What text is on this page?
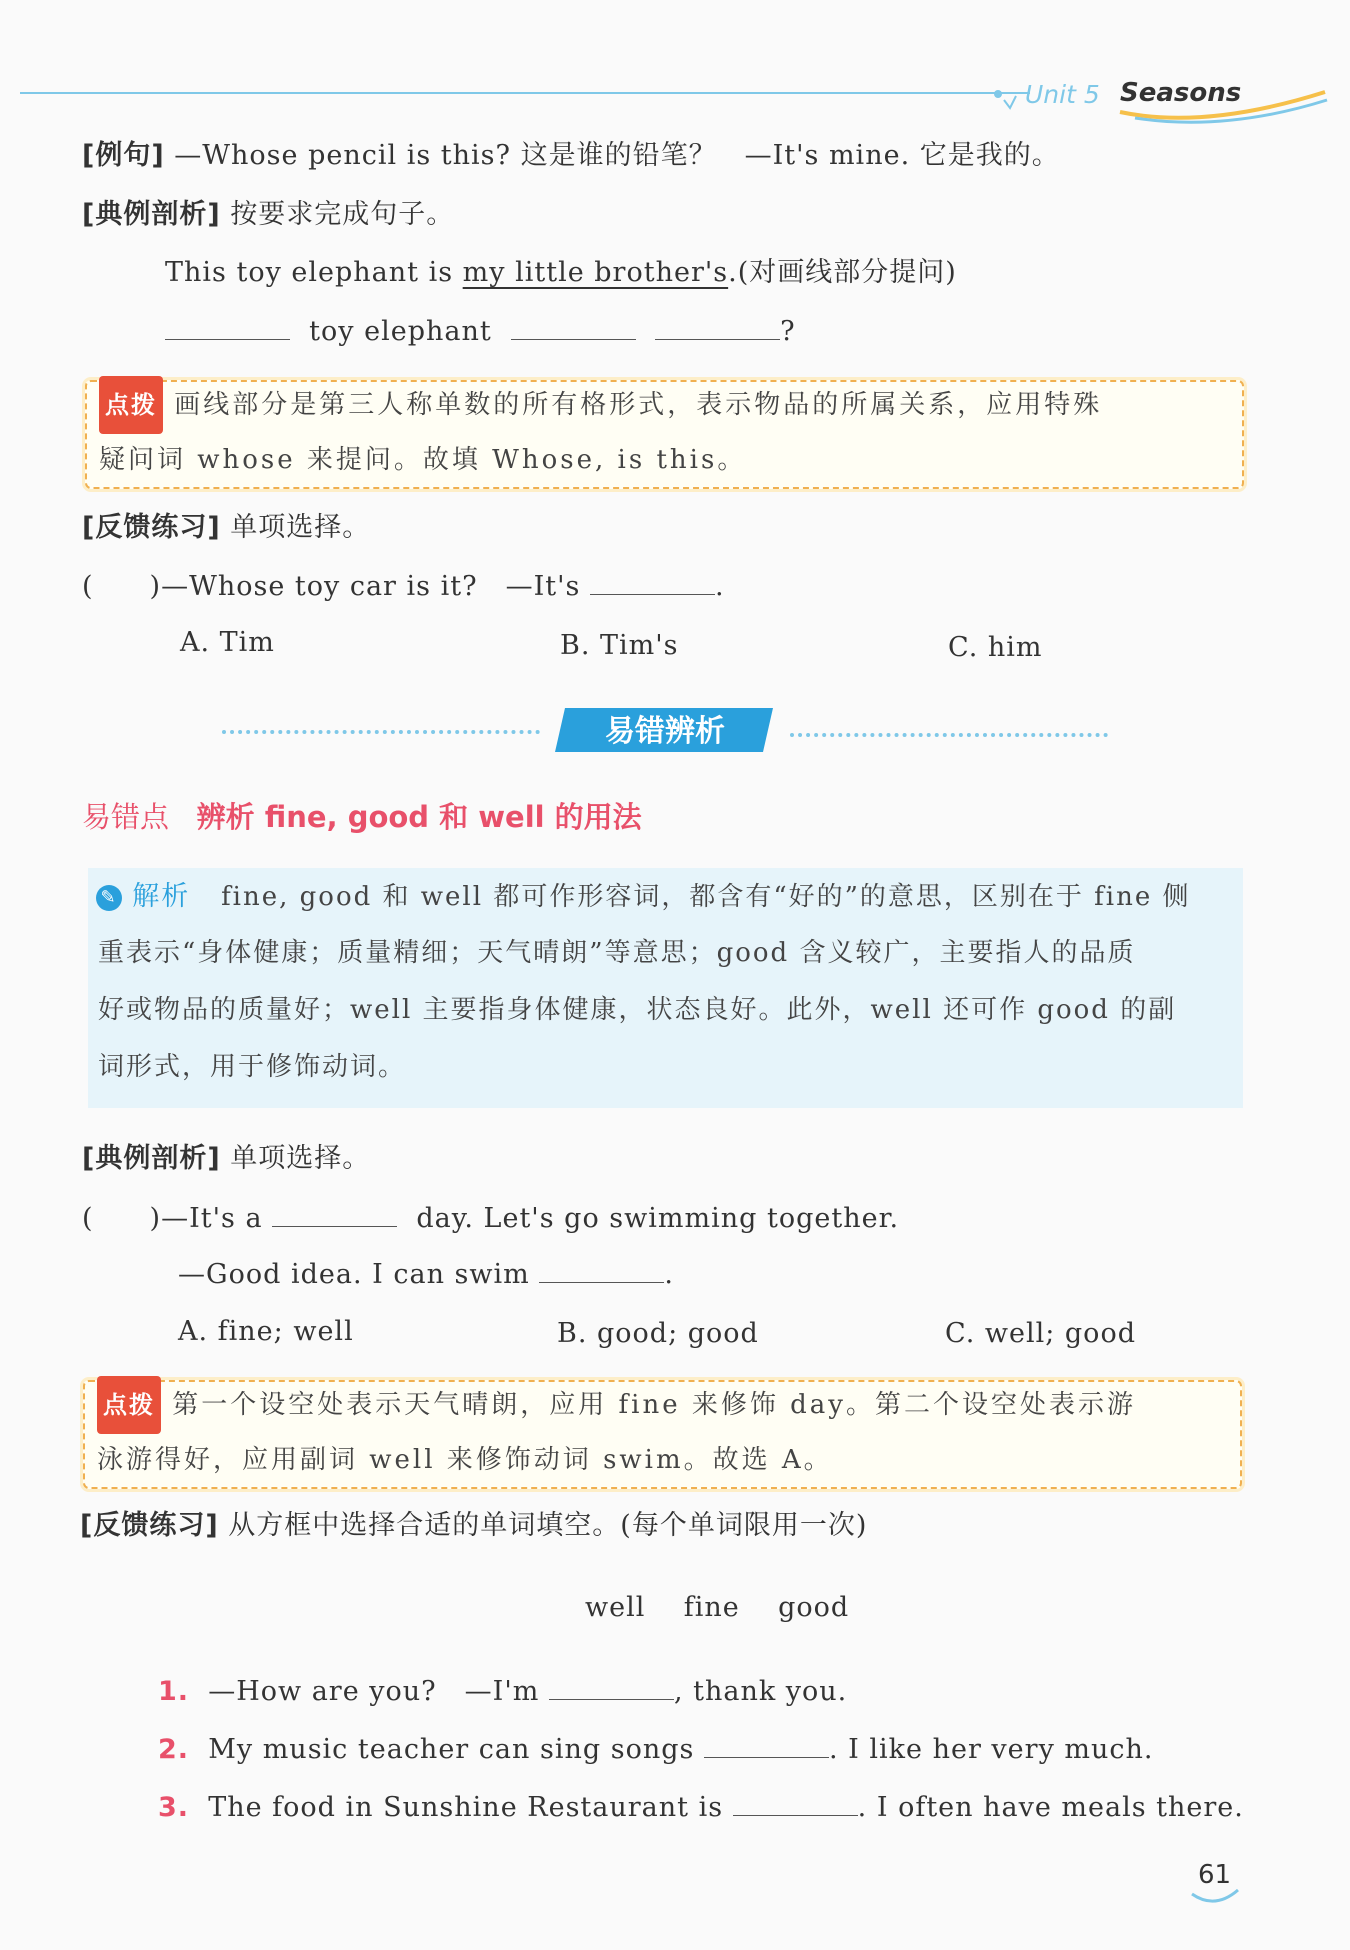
Unit 5 Seasons
[例句] —Whose pencil is this? 这是谁的铅笔？　—It's mine. 它是我的。
[典例剖析] 按要求完成句子。
This toy elephant is my little brother's.(对画线部分提问)
toy elephant	?
点拨 画线部分是第三人称单数的所有格形式，表示物品的所属关系，应用特殊
疑问词 whose 来提问。故填 Whose, is this。
[反馈练习] 单项选择。
(　　)—Whose toy car is it?　—It's	.
A. Tim	B. Tim's	C. him
易错辨析
易错点 辨析 fine, good 和 well 的用法
✎ 解析 fine, good 和 well 都可作形容词，都含有“好的”的意思，区别在于 fine 侧
重表示“身体健康；质量精细；天气晴朗”等意思；good 含义较广，主要指人的品质
好或物品的质量好；well 主要指身体健康，状态良好。此外，well 还可作 good 的副
词形式，用于修饰动词。
[典例剖析] 单项选择。
(　　)—It's a	day. Let's go swimming together.
—Good idea. I can swim	.
A. fine; well	B. good; good	C. well; good
点拨 第一个设空处表示天气晴朗，应用 fine 来修饰 day。第二个设空处表示游
泳游得好，应用副词 well 来修饰动词 swim。故选 A。
[反馈练习] 从方框中选择合适的单词填空。(每个单词限用一次)
well fine good
1. —How are you?　—I'm	, thank you.
2. My music teacher can sing songs	. I like her very much.
3. The food in Sunshine Restaurant is	. I often have meals there.
61
